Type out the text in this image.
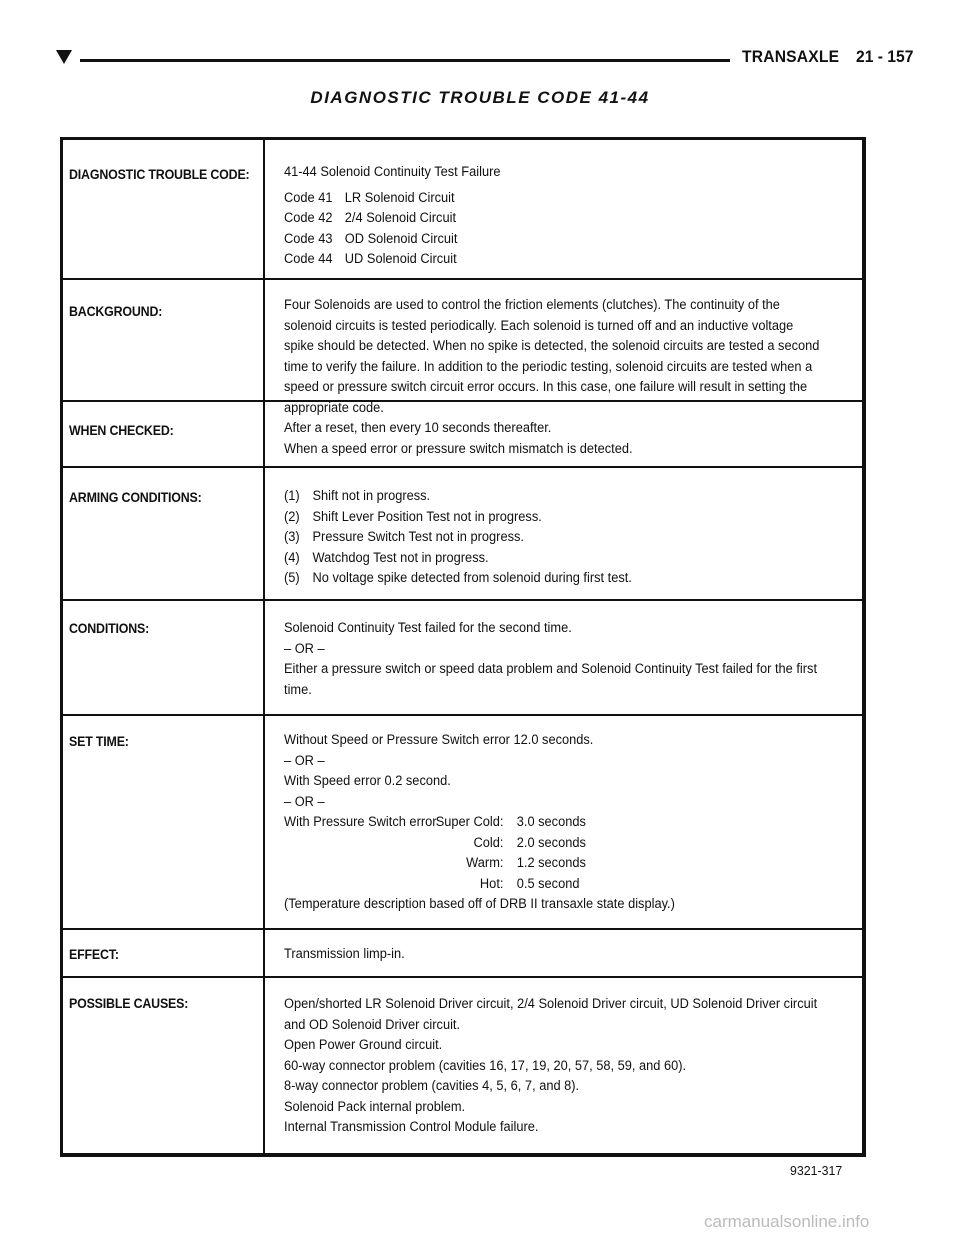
TRANSAXLE 21 - 157
DIAGNOSTIC TROUBLE CODE 41-44
DIAGNOSTIC TROUBLE CODE:	41-44 Solenoid Continuity Test Failure

Code 41 LR Solenoid Circuit
Code 42 2/4 Solenoid Circuit
Code 43 OD Solenoid Circuit
Code 44 UD Solenoid Circuit
BACKGROUND:	Four Solenoids are used to control the friction elements (clutches). The continuity of the solenoid circuits is tested periodically. Each solenoid is turned off and an inductive voltage spike should be detected. When no spike is detected, the solenoid circuits are tested a second time to verify the failure. In addition to the periodic testing, solenoid circuits are tested when a speed or pressure switch circuit error occurs. In this case, one failure will result in setting the appropriate code.
WHEN CHECKED:	After a reset, then every 10 seconds thereafter.

When a speed error or pressure switch mismatch is detected.

ARMING CONDITIONS:	(1) Shift not in progress.
(2) Shift Lever Position Test not in progress.
(3) Pressure Switch Test not in progress.
(4) Watchdog Test not in progress.
(5) No voltage spike detected from solenoid during first test.
CONDITIONS:	Solenoid Continuity Test failed for the second time.

– OR –

Either a pressure switch or speed data problem and Solenoid Continuity Test failed for the first time.

SET TIME:	Without Speed or Pressure Switch error 12.0 seconds.

– OR –

With Speed error 0.2 second.

– OR –

With Pressure Switch error Super Cold: 3.0 seconds
Cold: 2.0 seconds
Warm: 1.2 seconds
Hot: 0.5 second

(Temperature description based off of DRB II transaxle state display.)

EFFECT:	Transmission limp-in.
POSSIBLE CAUSES:	Open/shorted LR Solenoid Driver circuit, 2/4 Solenoid Driver circuit, UD Solenoid Driver circuit and OD Solenoid Driver circuit.

Open Power Ground circuit.

60-way connector problem (cavities 16, 17, 19, 20, 57, 58, 59, and 60).

8-way connector problem (cavities 4, 5, 6, 7, and 8).

Solenoid Pack internal problem.

Internal Transmission Control Module failure.

9321-317
carmanualsonline.info
